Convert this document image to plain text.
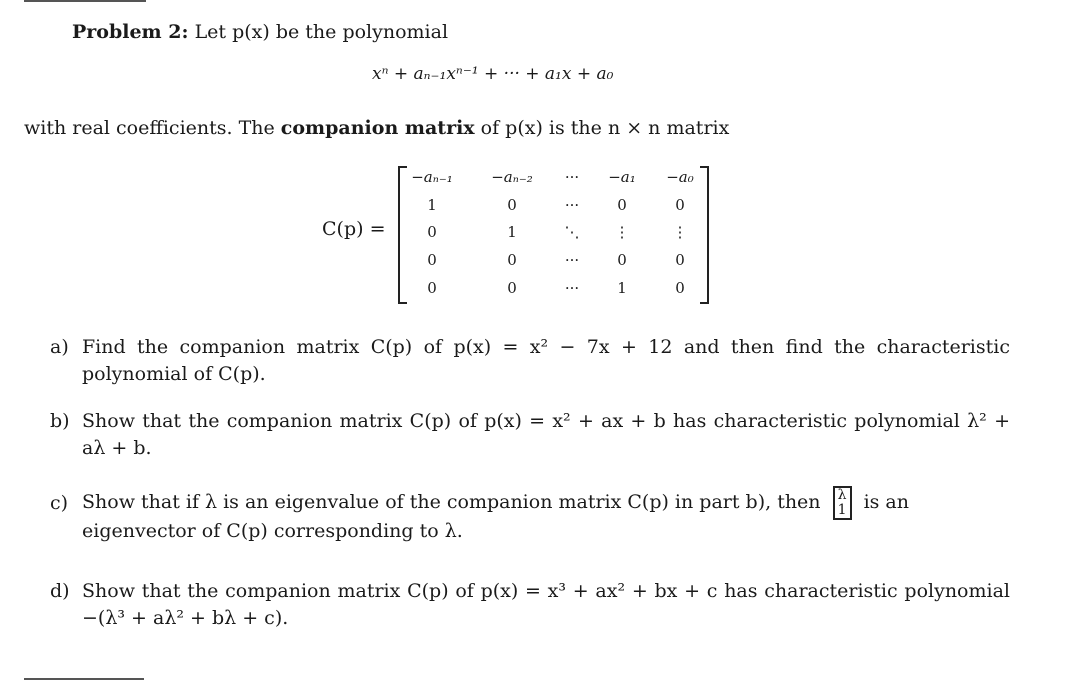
Problem 2: Let p(x) be the polynomial
xⁿ + aₙ₋₁xⁿ⁻¹ + ··· + a₁x + a₀
with real coefficients. The companion matrix of p(x) is the n × n matrix
C(p) =
−aₙ₋₁	−aₙ₋₂	···	−a₁	−a₀
1	0	···	0	0
0	1	⋱	⋮	⋮
0	0	···	0	0
0	0	···	1	0
a) Find the companion matrix C(p) of p(x) = x² − 7x + 12 and then find the characteristic polynomial of C(p).
b) Show that the companion matrix C(p) of p(x) = x² + ax + b has characteristic polynomial λ² + aλ + b.
c) Show that if λ is an eigenvalue of the companion matrix C(p) in part b), then λ
1 is an
eigenvector of C(p) corresponding to λ.
d) Show that the companion matrix C(p) of p(x) = x³ + ax² + bx + c has characteristic polynomial −(λ³ + aλ² + bλ + c).
